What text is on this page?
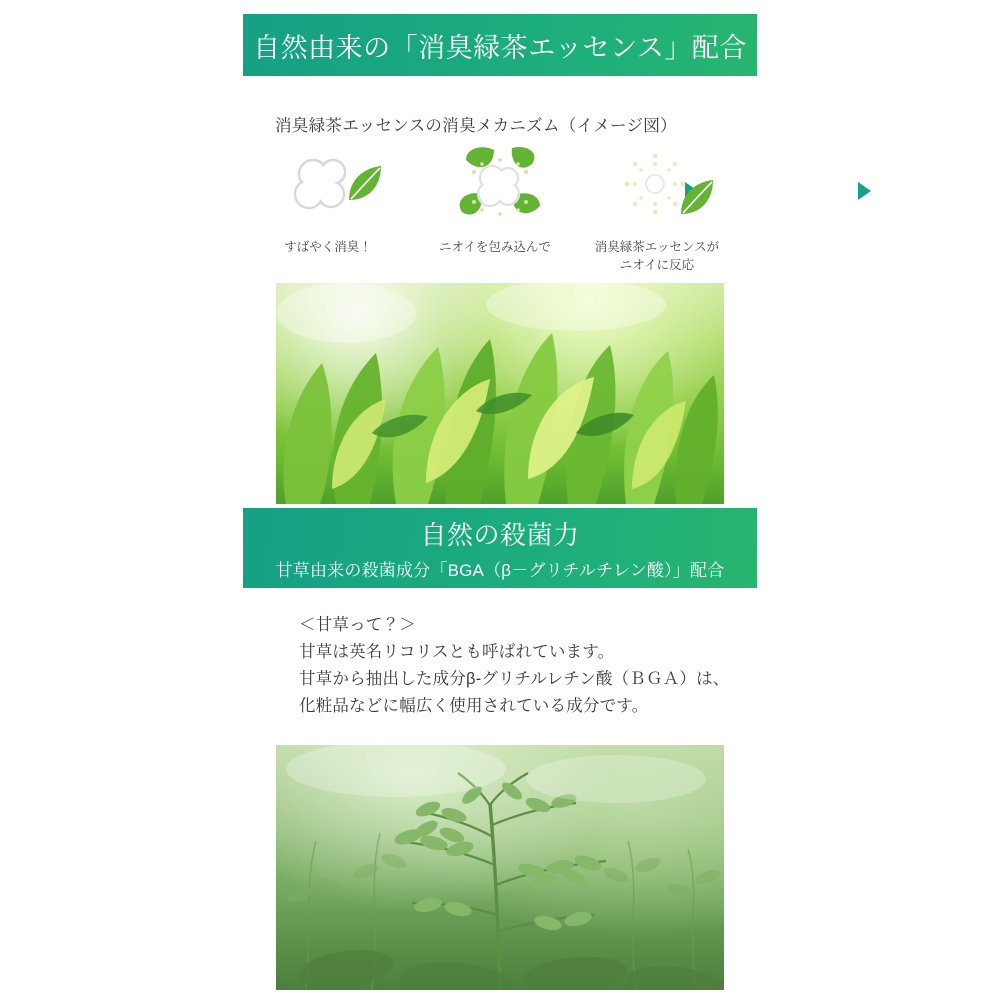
自然由来の「消臭緑茶エッセンス」配合
消臭緑茶エッセンスの消臭メカニズム（イメージ図）
すばやく消臭！	ニオイを包み込んで	消臭緑茶エッセンスが
ニオイに反応
自然の殺菌力
甘草由来の殺菌成分「BGA（β－グリチルチレン酸）」配合
＜甘草って？＞
甘草は英名リコリスとも呼ばれています。
甘草から抽出した成分β-グリチルレチン酸（ＢＧＡ）は、
化粧品などに幅広く使用されている成分です。
